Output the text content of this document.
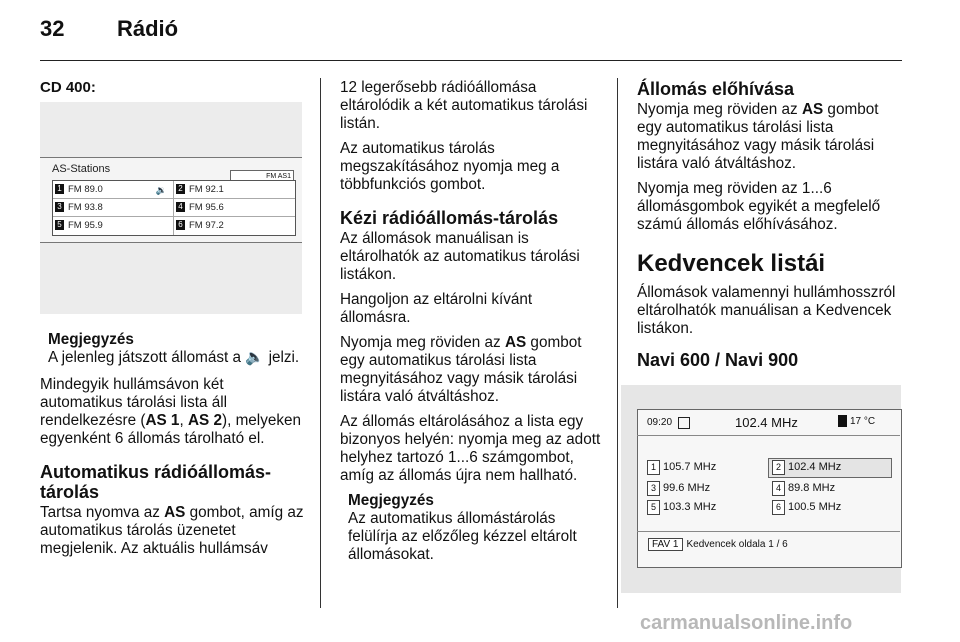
32 Rádió
CD 400:
AS-Stations
FM AS1
1 FM 89.0	🔉	2 FM 92.1
3 FM 93.8	4 FM 95.6
5 FM 95.9	6 FM 97.2
Megjegyzés
A jelenleg játszott állomást a 🔈 jelzi.

Mindegyik hullámsávon két automatikus tárolási lista áll rendelkezésre (AS 1, AS 2), melyeken egyenként 6 állomás tárolható el.

Automatikus rádióállomás-tárolás

Tartsa nyomva az AS gombot, amíg az automatikus tárolás üzenetet megjelenik. Az aktuális hullámsáv

12 legerősebb rádióállomása eltárolódik a két automatikus tárolási listán.

Az automatikus tárolás megszakításához nyomja meg a többfunkciós gombot.

Kézi rádióállomás-tárolás

Az állomások manuálisan is eltárolhatók az automatikus tárolási listákon.

Hangoljon az eltárolni kívánt állomásra.

Nyomja meg röviden az AS gombot egy automatikus tárolási lista megnyitásához vagy másik tárolási listára való átváltáshoz.

Az állomás eltárolásához a lista egy bizonyos helyén: nyomja meg az adott helyhez tartozó 1...6 számgombot, amíg az állomás újra nem hallható.

Megjegyzés
Az automatikus állomástárolás felülírja az előzőleg kézzel eltárolt állomásokat.
Állomás előhívása

Nyomja meg röviden az AS gombot egy automatikus tárolási lista megnyitásához vagy másik tárolási listára való átváltáshoz.

Nyomja meg röviden az 1...6 állomásgombok egyikét a megfelelő számú állomás előhívásához.

Kedvencek listái

Állomások valamennyi hullámhosszról eltárolhatók manuálisan a Kedvencek listákon.

Navi 600 / Navi 900
09:20	102.4 MHz	17 °C
1 105.7 MHz	2 102.4 MHz
3 99.6 MHz	4 89.8 MHz
5 103.3 MHz	6 100.5 MHz
FAV 1 Kedvencek oldala 1 / 6
carmanualsonline.info
